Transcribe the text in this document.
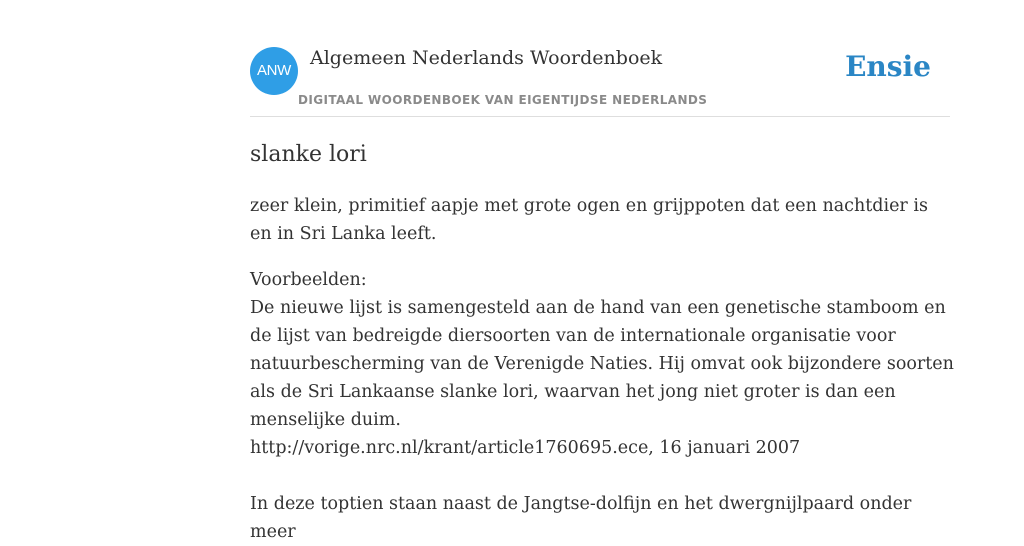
ANW
Algemeen Nederlands Woordenboek
DIGITAAL WOORDENBOEK VAN EIGENTIJDSE NEDERLANDS
Ensie
slanke lori

zeer klein, primitief aapje met grote ogen en grijppoten dat een nachtdier is en in Sri Lanka leeft.

Voorbeelden:
De nieuwe lijst is samengesteld aan de hand van een genetische stamboom en de lijst van bedreigde diersoorten van de internationale organisatie voor natuurbescherming van de Verenigde Naties. Hij omvat ook bijzondere soorten als de Sri Lankaanse slanke lori, waarvan het jong niet groter is dan een menselijke duim.
http://vorige.nrc.nl/krant/article1760695.ece, 16 januari 2007
In deze toptien staan naast de Jangtse-dolfijn en het dwergnijlpaard onder meer
